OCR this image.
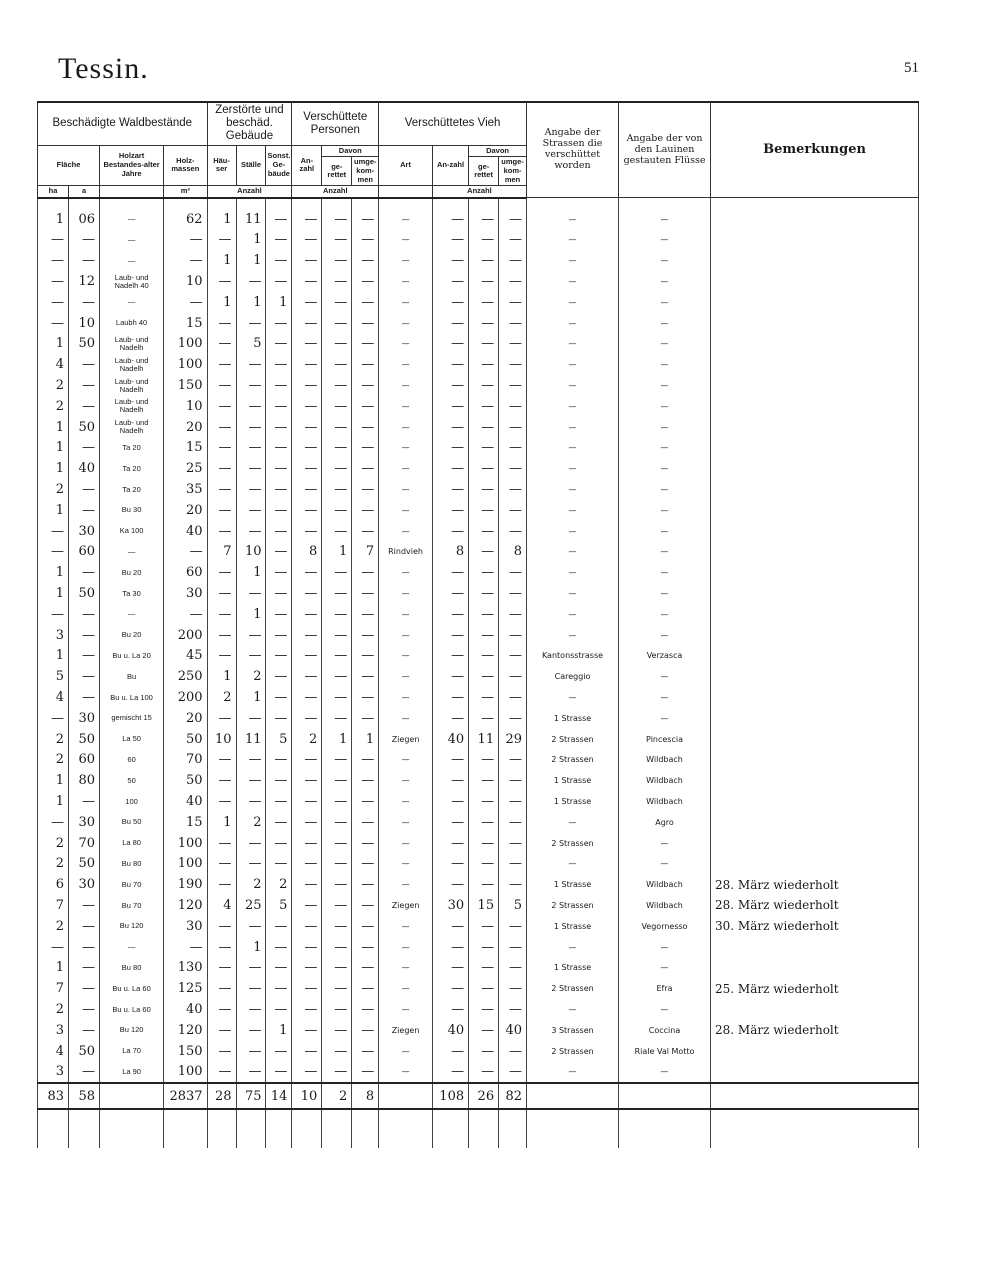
Tessin.	51
Beschädigte Waldbestände				Zerstörte und beschäd. Gebäude			Verschüttete Personen			Verschüttetes Vieh				Angabe der Strassen die verschüttet worden	Angabe der von den Lauinen gestauten Flüsse	Bemerkungen
Fläche		Holzart Bestandes-alter Jahre	Holz-massen	Häu-ser	Ställe	Sonst. Ge-bäude	An-zahl	Davon		Art	An-zahl	Davon				
								ge-rettet	umge-kom-men			ge-rettet	umge-kom-men			
ha	a		m³	Anzahl			Anzahl				Anzahl					

1	06	—	62	1	11	—	—	—	—	—	—	—	—	—	—	
—	—	—	—	—	1	—	—	—	—	—	—	—	—	—	—	
—	—	—	—	1	1	—	—	—	—	—	—	—	—	—	—	
—	12	Laub- und Nadelh 40	10	—	—	—	—	—	—	—	—	—	—	—	—	
—	—	—	—	1	1	1	—	—	—	—	—	—	—	—	—	
—	10	Laubh 40	15	—	—	—	—	—	—	—	—	—	—	—	—	
1	50	Laub- und Nadelh	100	—	5	—	—	—	—	—	—	—	—	—	—	
4	—	Laub- und Nadelh	100	—	—	—	—	—	—	—	—	—	—	—	—	
2	—	Laub- und Nadelh	150	—	—	—	—	—	—	—	—	—	—	—	—	
2	—	Laub- und Nadelh	10	—	—	—	—	—	—	—	—	—	—	—	—	
1	50	Laub- und Nadelh	20	—	—	—	—	—	—	—	—	—	—	—	—	
1	—	Ta 20	15	—	—	—	—	—	—	—	—	—	—	—	—	
1	40	Ta 20	25	—	—	—	—	—	—	—	—	—	—	—	—	
2	—	Ta 20	35	—	—	—	—	—	—	—	—	—	—	—	—	
1	—	Bu 30	20	—	—	—	—	—	—	—	—	—	—	—	—	
—	30	Ka 100	40	—	—	—	—	—	—	—	—	—	—	—	—	
—	60	—	—	7	10	—	8	1	7	Rindvieh	8	—	8	—	—	
1	—	Bu 20	60	—	1	—	—	—	—	—	—	—	—	—	—	
1	50	Ta 30	30	—	—	—	—	—	—	—	—	—	—	—	—	
—	—	—	—	—	1	—	—	—	—	—	—	—	—	—	—	
3	—	Bu 20	200	—	—	—	—	—	—	—	—	—	—	—	—	
1	—	Bu u. La 20	45	—	—	—	—	—	—	—	—	—	—	Kantonsstrasse	Verzasca	
5	—	Bu	250	1	2	—	—	—	—	—	—	—	—	Careggio	—	
4	—	Bu u. La 100	200	2	1	—	—	—	—	—	—	—	—	—	—	
—	30	gemischt 15	20	—	—	—	—	—	—	—	—	—	—	1 Strasse	—	
2	50	La 50	50	10	11	5	2	1	1	Ziegen	40	11	29	2 Strassen	Pincescia	
2	60	60	70	—	—	—	—	—	—	—	—	—	—	2 Strassen	Wildbach	
1	80	50	50	—	—	—	—	—	—	—	—	—	—	1 Strasse	Wildbach	
1	—	100	40	—	—	—	—	—	—	—	—	—	—	1 Strasse	Wildbach	
—	30	Bu 50	15	1	2	—	—	—	—	—	—	—	—	—	Agro	
2	70	La 80	100	—	—	—	—	—	—	—	—	—	—	2 Strassen	—	
2	50	Bu 80	100	—	—	—	—	—	—	—	—	—	—	—	—	
6	30	Bu 70	190	—	2	2	—	—	—	—	—	—	—	1 Strasse	Wildbach	28. März wiederholt
7	—	Bu 70	120	4	25	5	—	—	—	Ziegen	30	15	5	2 Strassen	Wildbach	28. März wiederholt
2	—	Bu 120	30	—	—	—	—	—	—	—	—	—	—	1 Strasse	Vegornesso	30. März wiederholt
—	—	—	—	—	1	—	—	—	—	—	—	—	—	—	—	
1	—	Bu 80	130	—	—	—	—	—	—	—	—	—	—	1 Strasse	—	
7	—	Bu u. La 60	125	—	—	—	—	—	—	—	—	—	—	2 Strassen	Efra	25. März wiederholt
2	—	Bu u. La 60	40	—	—	—	—	—	—	—	—	—	—	—	—	
3	—	Bu 120	120	—	—	1	—	—	—	Ziegen	40	—	40	3 Strassen	Coccina	28. März wiederholt
4	50	La 70	150	—	—	—	—	—	—	—	—	—	—	2 Strassen	Riale Val Motto	
3	—	La 90	100	—	—	—	—	—	—	—	—	—	—	—	—	
83	58		2837	28	75	14	10	2	8		108	26	82			
